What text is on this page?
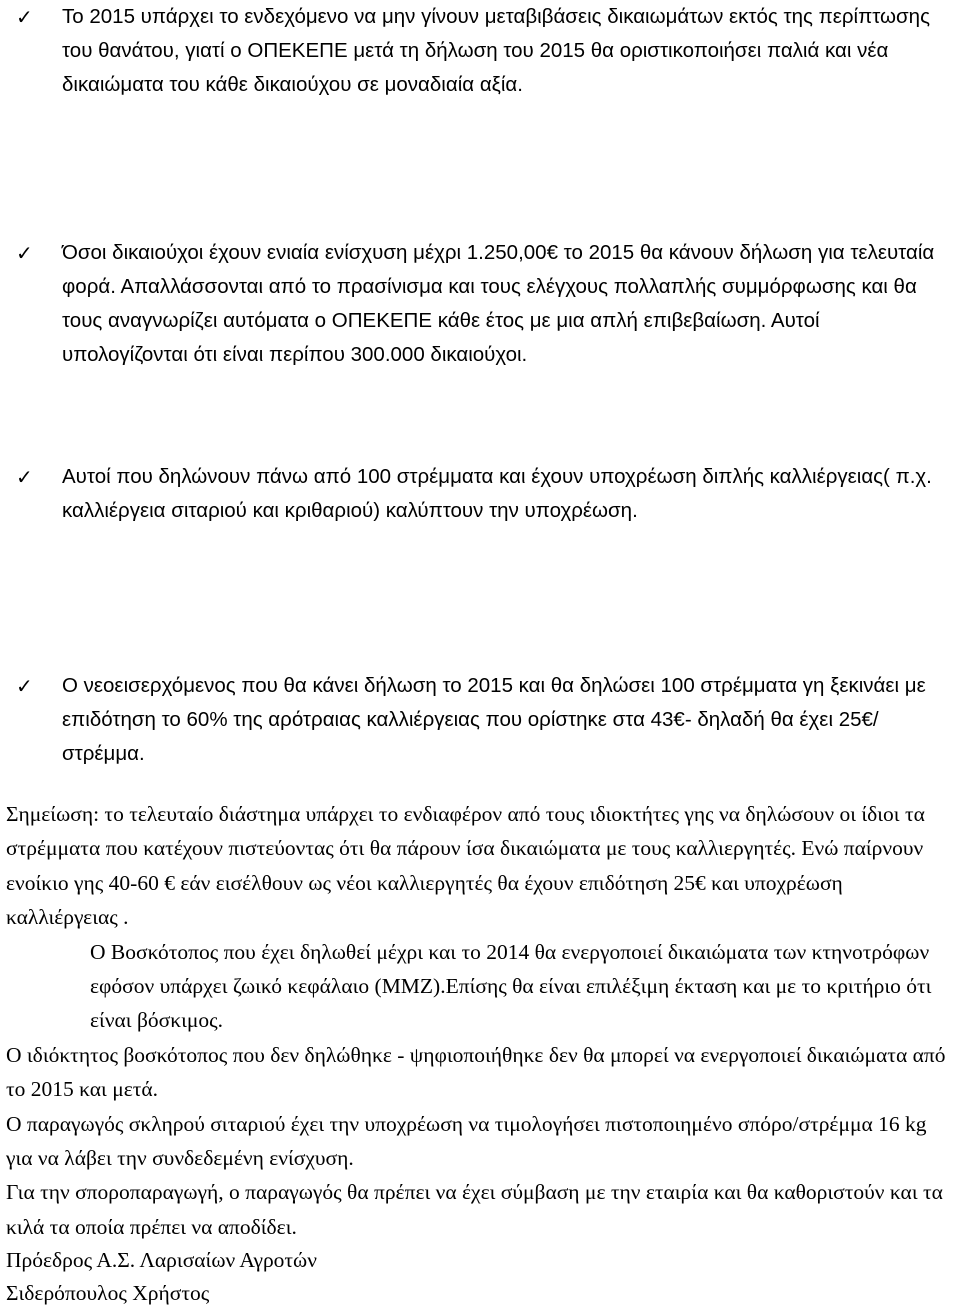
✓	Το 2015 υπάρχει το ενδεχόμενο να μην γίνουν μεταβιβάσεις δικαιωμάτων εκτός της περίπτωσης του θανάτου, γιατί ο ΟΠΕΚΕΠΕ μετά τη δήλωση του 2015 θα οριστικοποιήσει παλιά και νέα δικαιώματα του κάθε δικαιούχου σε μοναδιαία αξία.
✓	Όσοι δικαιούχοι έχουν ενιαία ενίσχυση μέχρι 1.250,00€ το 2015 θα κάνουν δήλωση για τελευταία φορά. Απαλλάσσονται από το πρασίνισμα και τους ελέγχους πολλαπλής συμμόρφωσης και θα τους αναγνωρίζει αυτόματα ο ΟΠΕΚΕΠΕ κάθε έτος με μια απλή επιβεβαίωση. Αυτοί υπολογίζονται ότι είναι περίπου 300.000 δικαιούχοι.
✓	Αυτοί που δηλώνουν πάνω από 100 στρέμματα και έχουν υποχρέωση διπλής καλλιέργειας( π.χ. καλλιέργεια σιταριού και κριθαριού) καλύπτουν την υποχρέωση.
✓	Ο νεοεισερχόμενος που θα κάνει δήλωση το 2015 και θα δηλώσει 100 στρέμματα γη ξεκινάει με επιδότηση το 60% της αρότραιας καλλιέργειας που ορίστηκε στα 43€- δηλαδή θα έχει 25€/στρέμμα.

Σημείωση: το τελευταίο διάστημα υπάρχει το ενδιαφέρον από τους ιδιοκτήτες γης να δηλώσουν οι ίδιοι τα στρέμματα που κατέχουν πιστεύοντας ότι θα πάρουν ίσα δικαιώματα με τους καλλιεργητές. Ενώ παίρνουν ενοίκιο γης 40-60 € εάν εισέλθουν ως νέοι καλλιεργητές θα έχουν επιδότηση 25€ και υποχρέωση καλλιέργειας .

Ο Βοσκότοπος που έχει δηλωθεί μέχρι και το 2014 θα ενεργοποιεί δικαιώματα των κτηνοτρόφων εφόσον υπάρχει ζωικό κεφάλαιο (ΜΜΖ).Επίσης θα είναι επιλέξιμη έκταση και με το κριτήριο ότι είναι βόσκιμος.

Ο ιδιόκτητος βοσκότοπος που δεν δηλώθηκε - ψηφιοποιήθηκε δεν θα μπορεί να ενεργοποιεί δικαιώματα από το 2015 και μετά.

Ο παραγωγός σκληρού σιταριού έχει την υποχρέωση να τιμολογήσει πιστοποιημένο σπόρο/στρέμμα 16 kg για να λάβει την συνδεδεμένη ενίσχυση.

Για την σποροπαραγωγή, ο παραγωγός θα πρέπει να έχει σύμβαση με την εταιρία και θα καθοριστούν και τα κιλά τα οποία πρέπει να αποδίδει.

Πρόεδρος Α.Σ. Λαρισαίων Αγροτών
Σιδερόπουλος Χρήστος
